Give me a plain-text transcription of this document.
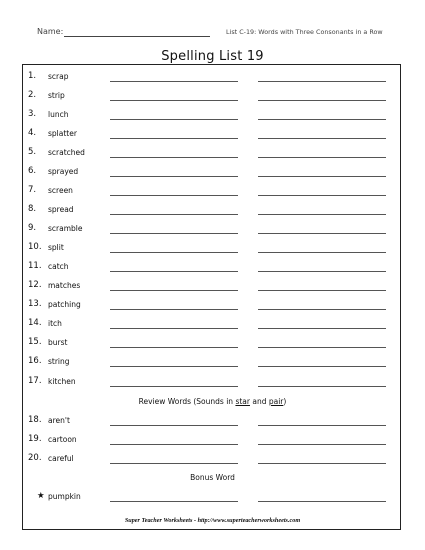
Name:	List C-19: Words with Three Consonants in a Row
Spelling List 19
1. scrap
2. strip
3. lunch
4. splatter
5. scratched
6. sprayed
7. screen
8. spread
9. scramble
10. split
11. catch
12. matches
13. patching
14. itch
15. burst
16. string
17. kitchen
Review Words (Sounds in star and pair)
18. aren't
19. cartoon
20. careful
Bonus Word
★ pumpkin
Super Teacher Worksheets - http://www.superteacherworksheets.com
